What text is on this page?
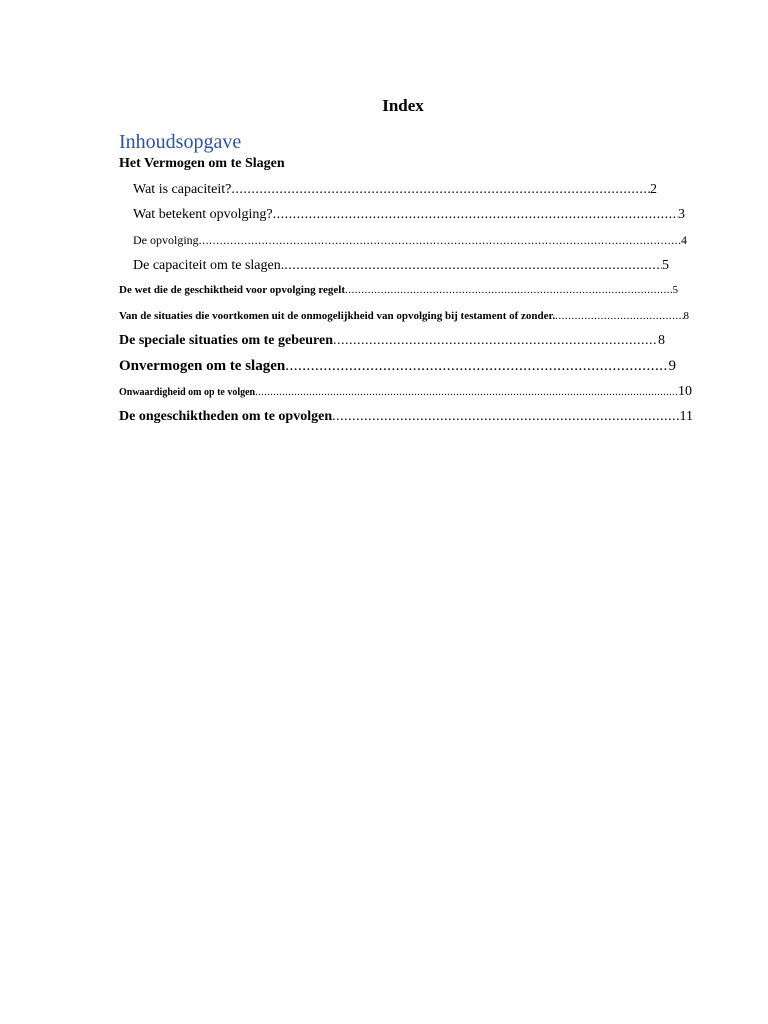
Index
Inhoudsopgave
Het Vermogen om te Slagen
Wat is capaciteit? .....	2
Wat betekent opvolging? .....	3
De opvolging .....	4
De capaciteit om te slagen. .....	5
De wet die de geschiktheid voor opvolging regelt .....	5
Van de situaties die voortkomen uit de onmogelijkheid van opvolging bij testament of zonder. .....	8
De speciale situaties om te gebeuren .....	8
Onvermogen om te slagen .....	9
Onwaardigheid om op te volgen .....	10
De ongeschiktheden om te opvolgen .....	11
